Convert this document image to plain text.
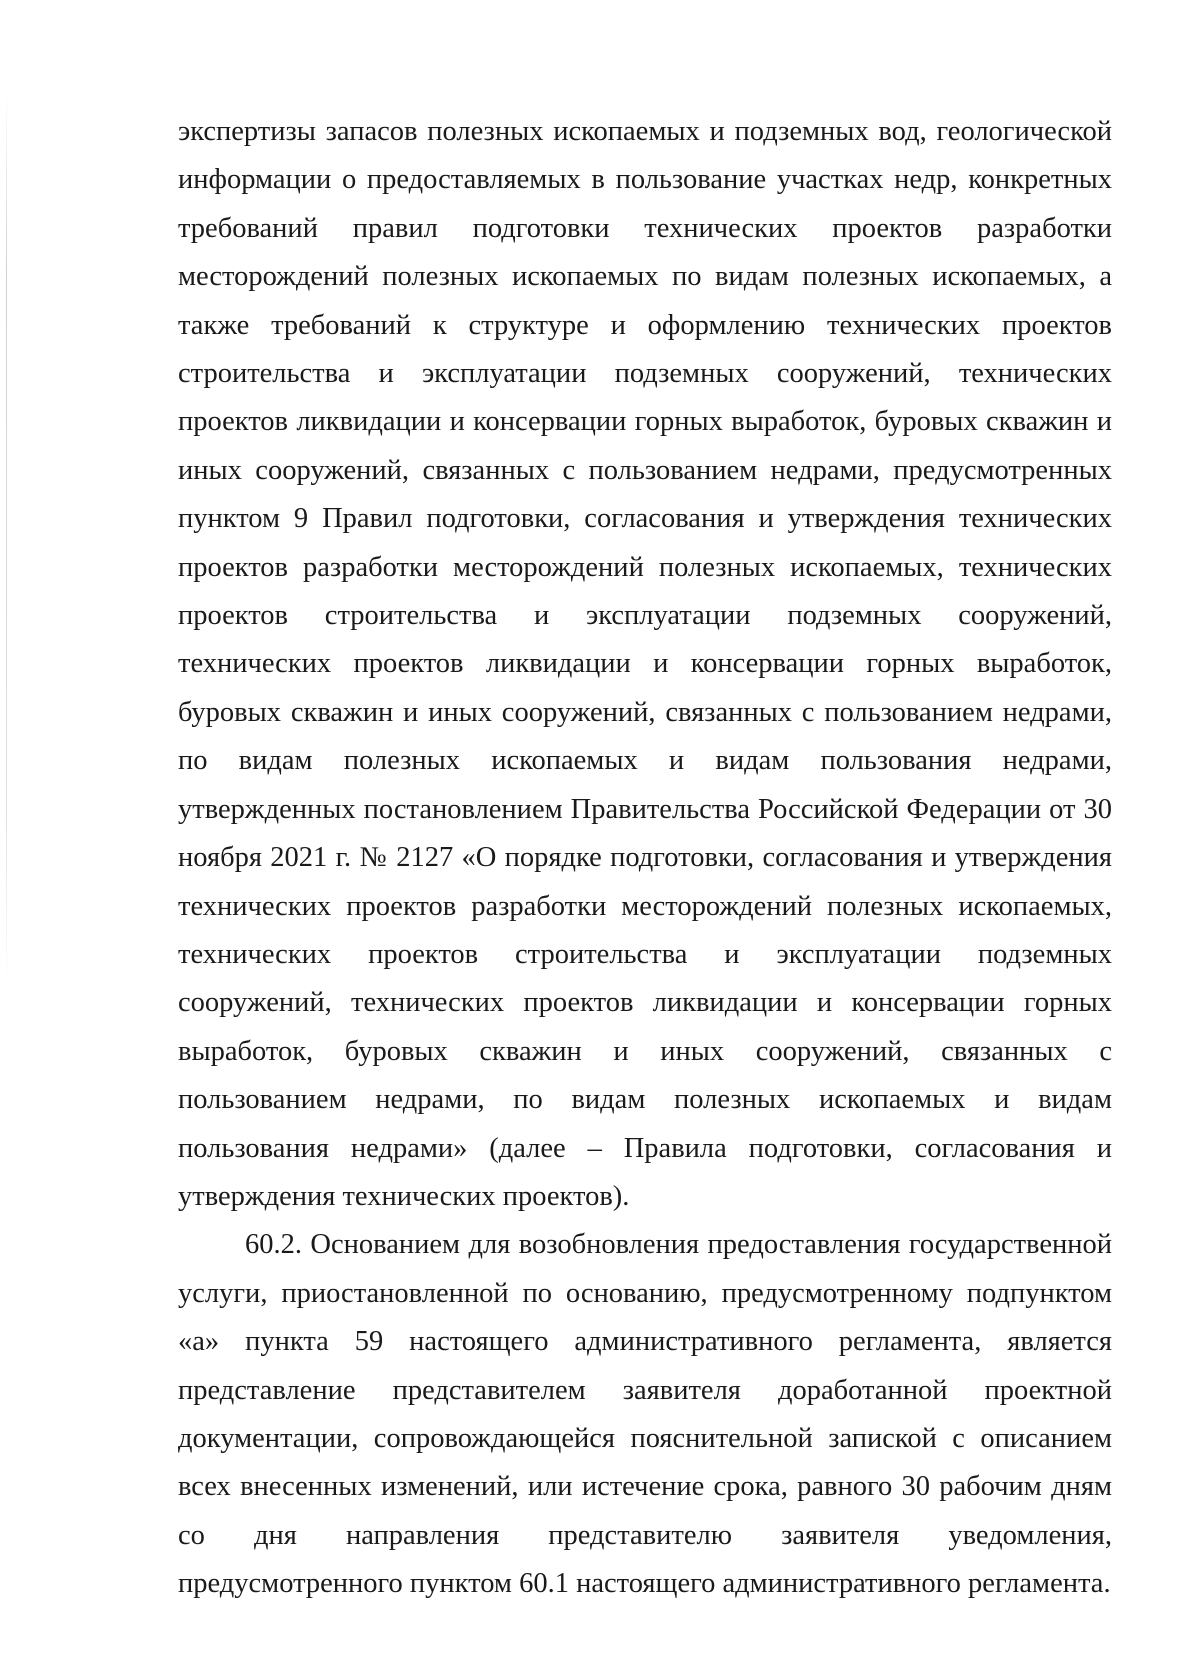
экспертизы запасов полезных ископаемых и подземных вод, геологической информации о предоставляемых в пользование участках недр, конкретных требований правил подготовки технических проектов разработки месторождений полезных ископаемых по видам полезных ископаемых, а также требований к структуре и оформлению технических проектов строительства и эксплуатации подземных сооружений, технических проектов ликвидации и консервации горных выработок, буровых скважин и иных сооружений, связанных с пользованием недрами, предусмотренных пунктом 9 Правил подготовки, согласования и утверждения технических проектов разработки месторождений полезных ископаемых, технических проектов строительства и эксплуатации подземных сооружений, технических проектов ликвидации и консервации горных выработок, буровых скважин и иных сооружений, связанных с пользованием недрами, по видам полезных ископаемых и видам пользования недрами, утвержденных постановлением Правительства Российской Федерации от 30 ноября 2021 г. № 2127 «О порядке подготовки, согласования и утверждения технических проектов разработки месторождений полезных ископаемых, технических проектов строительства и эксплуатации подземных сооружений, технических проектов ликвидации и консервации горных выработок, буровых скважин и иных сооружений, связанных с пользованием недрами, по видам полезных ископаемых и видам пользования недрами» (далее – Правила подготовки, согласования и утверждения технических проектов).

60.2. Основанием для возобновления предоставления государственной услуги, приостановленной по основанию, предусмотренному подпунктом «а» пункта 59 настоящего административного регламента, является представление представителем заявителя доработанной проектной документации, сопровождающейся пояснительной запиской с описанием всех внесенных изменений, или истечение срока, равного 30 рабочим дням со дня направления представителю заявителя уведомления, предусмотренного пунктом 60.1 настоящего административного регламента.
